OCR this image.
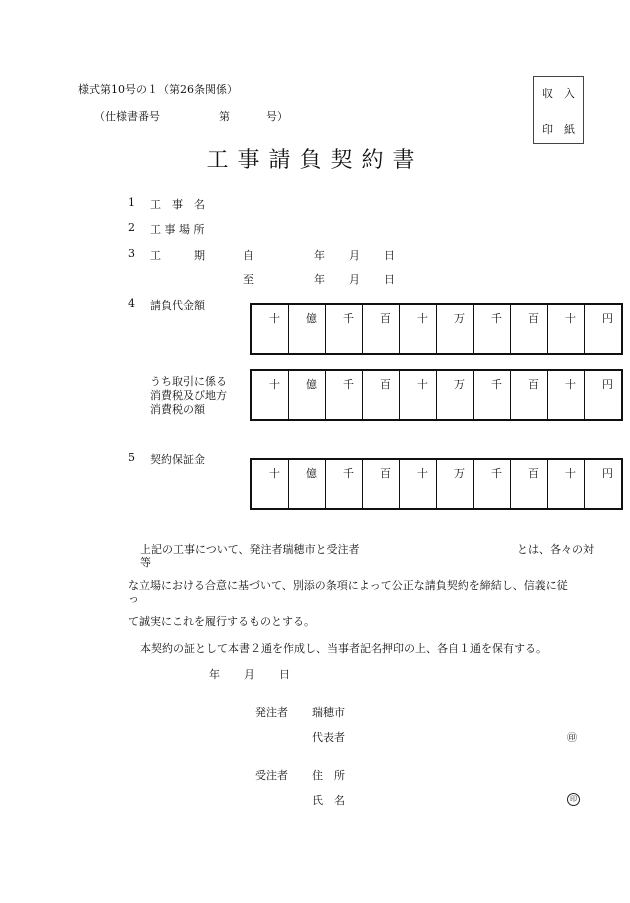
様式第10号の１（第26条関係）
（仕様書番号	第	号）
収 入
印 紙
工事請負契約書
1 工　事　名
2 工 事 場 所
3 工　　　期	自	年 月 日
至	年 月 日
4 請負代金額
十	億	千	百	十	万	千	百	十	円
うち取引に係る
消費税及び地方
消費税の額
十	億	千	百	十	万	千	百	十	円
5 契約保証金
十	億	千	百	十	万	千	百	十	円
上記の工事について、発注者瑞穂市と受注者	とは、各々の対
等
な立場における合意に基づいて、別添の条項によって公正な請負契約を締結し、信義に従
っ
て誠実にこれを履行するものとする。
本契約の証として本書２通を作成し、当事者記名押印の上、各自１通を保有する。
年 月 日
発注者 瑞穂市
代表者	㊞
受注者 住　所
氏　名	印
